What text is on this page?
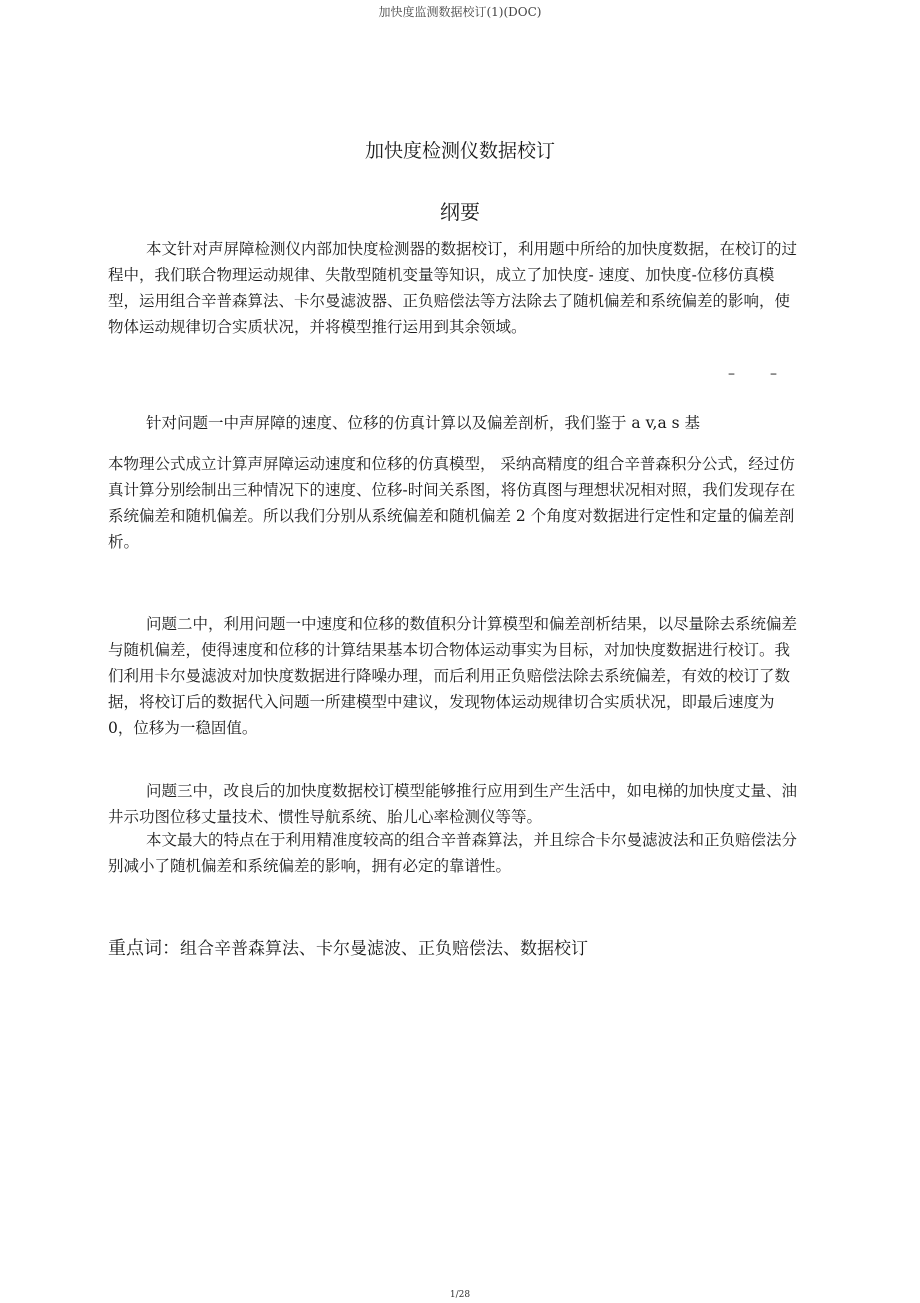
加快度监测数据校订(1)(DOC)
加快度检测仪数据校订
纲要

本文针对声屏障检测仪内部加快度检测器的数据校订，利用题中所给的加快度数据，在校订的过程中，我们联合物理运动规律、失散型随机变量等知识，成立了加快度- 速度、加快度-位移仿真模型，运用组合辛普森算法、卡尔曼滤波器、正负赔偿法等方法除去了随机偏差和系统偏差的影响，使物体运动规律切合实质状况，并将模型推行运用到其余领域。

–	–
针对问题一中声屏障的速度、位移的仿真计算以及偏差剖析，我们鉴于 a v,a s 基

本物理公式成立计算声屏障运动速度和位移的仿真模型， 采纳高精度的组合辛普森积分公式，经过仿真计算分别绘制出三种情况下的速度、位移-时间关系图，将仿真图与理想状况相对照，我们发现存在系统偏差和随机偏差。所以我们分别从系统偏差和随机偏差 2 个角度对数据进行定性和定量的偏差剖析。

问题二中，利用问题一中速度和位移的数值积分计算模型和偏差剖析结果，以尽量除去系统偏差与随机偏差，使得速度和位移的计算结果基本切合物体运动事实为目标，对加快度数据进行校订。我们利用卡尔曼滤波对加快度数据进行降噪办理，而后利用正负赔偿法除去系统偏差，有效的校订了数据，将校订后的数据代入问题一所建模型中建议，发现物体运动规律切合实质状况，即最后速度为 0，位移为一稳固值。

问题三中，改良后的加快度数据校订模型能够推行应用到生产生活中，如电梯的加快度丈量、油井示功图位移丈量技术、惯性导航系统、胎儿心率检测仪等等。

本文最大的特点在于利用精准度较高的组合辛普森算法，并且综合卡尔曼滤波法和正负赔偿法分别减小了随机偏差和系统偏差的影响，拥有必定的靠谱性。

重点词：组合辛普森算法、卡尔曼滤波、正负赔偿法、数据校订
1/28
